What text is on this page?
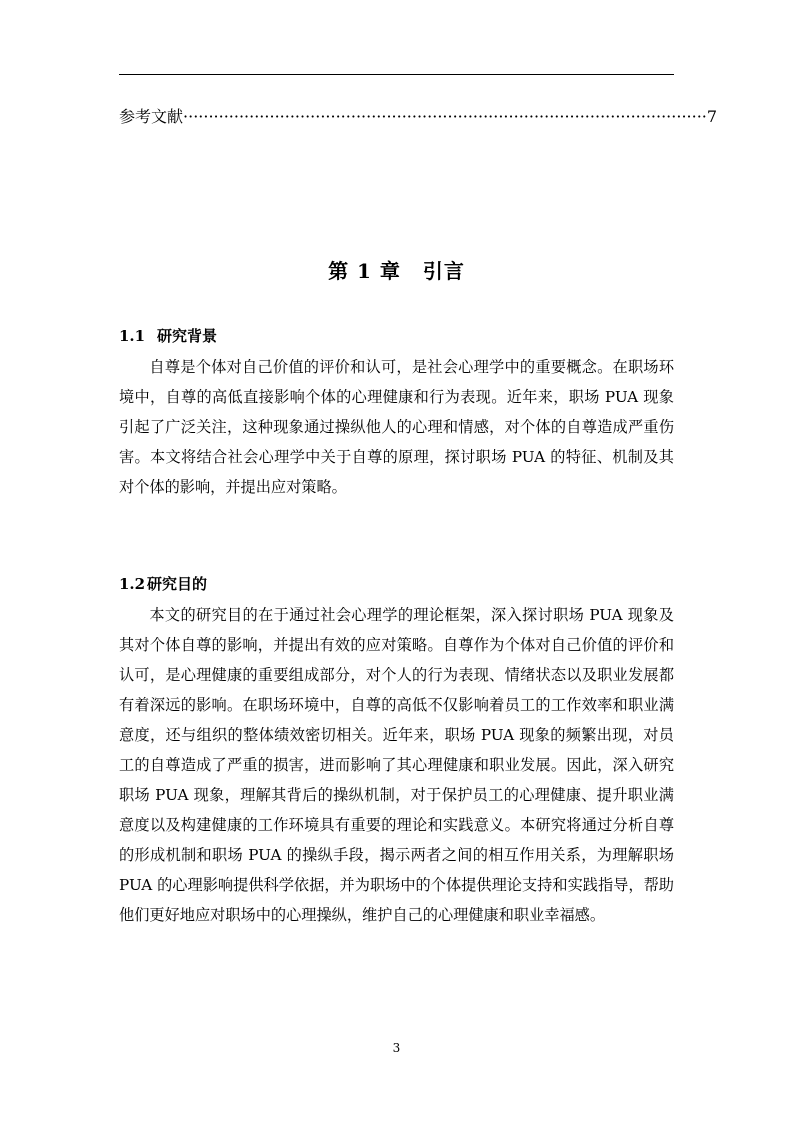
参考文献 ······································································································· 7
第 1 章 引言
1.1 研究背景

自尊是个体对自己价值的评价和认可，是社会心理学中的重要概念。在职场环境中，自尊的高低直接影响个体的心理健康和行为表现。近年来，职场 PUA 现象引起了广泛关注，这种现象通过操纵他人的心理和情感，对个体的自尊造成严重伤害。本文将结合社会心理学中关于自尊的原理，探讨职场 PUA 的特征、机制及其对个体的影响，并提出应对策略。

1.2 研究目的

本文的研究目的在于通过社会心理学的理论框架，深入探讨职场 PUA 现象及其对个体自尊的影响，并提出有效的应对策略。自尊作为个体对自己价值的评价和认可，是心理健康的重要组成部分，对个人的行为表现、情绪状态以及职业发展都有着深远的影响。在职场环境中，自尊的高低不仅影响着员工的工作效率和职业满意度，还与组织的整体绩效密切相关。近年来，职场 PUA 现象的频繁出现，对员工的自尊造成了严重的损害，进而影响了其心理健康和职业发展。因此，深入研究职场 PUA 现象，理解其背后的操纵机制，对于保护员工的心理健康、提升职业满意度以及构建健康的工作环境具有重要的理论和实践意义。本研究将通过分析自尊的形成机制和职场 PUA 的操纵手段，揭示两者之间的相互作用关系，为理解职场 PUA 的心理影响提供科学依据，并为职场中的个体提供理论支持和实践指导，帮助他们更好地应对职场中的心理操纵，维护自己的心理健康和职业幸福感。

3
